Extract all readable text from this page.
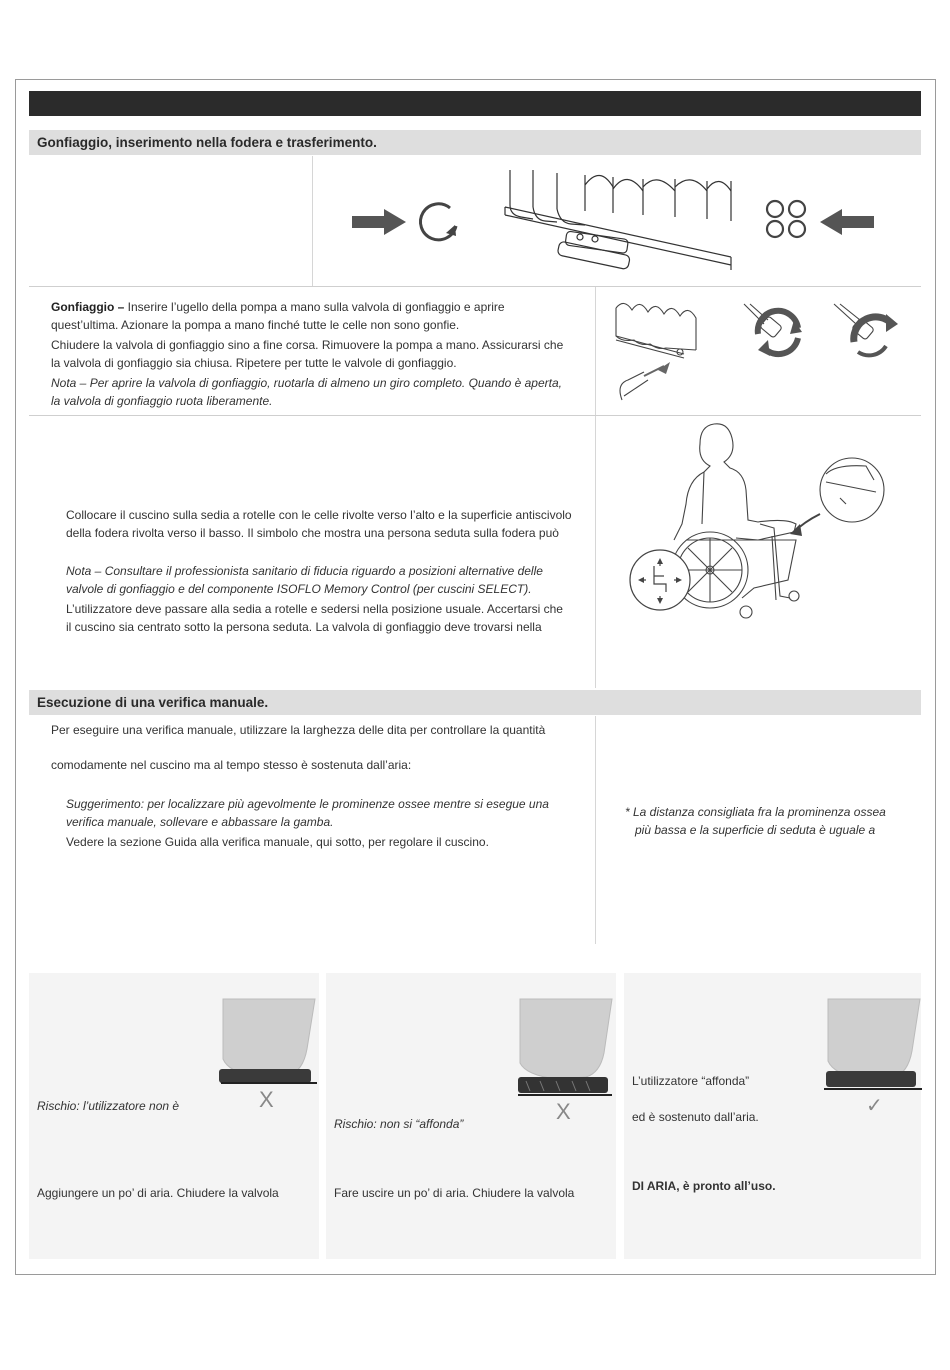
Gonfiaggio, inserimento nella fodera e trasferimento.
Gonfiaggio – Inserire l’ugello della pompa a mano sulla valvola di gonfiaggio e aprire
quest’ultima. Azionare la pompa a mano finché tutte le celle non sono gonfie.
Chiudere la valvola di gonfiaggio sino a fine corsa. Rimuovere la pompa a mano. Assicurarsi che
la valvola di gonfiaggio sia chiusa. Ripetere per tutte le valvole di gonfiaggio.
Nota – Per aprire la valvola di gonfiaggio, ruotarla di almeno un giro completo. Quando è aperta,
la valvola di gonfiaggio ruota liberamente.
Collocare il cuscino sulla sedia a rotelle con le celle rivolte verso l’alto e la superficie antiscivolo
della fodera rivolta verso il basso. Il simbolo che mostra una persona seduta sulla fodera può
Nota – Consultare il professionista sanitario di fiducia riguardo a posizioni alternative delle
valvole di gonfiaggio e del componente ISOFLO Memory Control (per cuscini SELECT).
L’utilizzatore deve passare alla sedia a rotelle e sedersi nella posizione usuale. Accertarsi che
il cuscino sia centrato sotto la persona seduta. La valvola di gonfiaggio deve trovarsi nella
Esecuzione di una verifica manuale.
Per eseguire una verifica manuale, utilizzare la larghezza delle dita per controllare la quantità
comodamente nel cuscino ma al tempo stesso è sostenuta dall’aria:
Suggerimento: per localizzare più agevolmente le prominenze ossee mentre si esegue una
verifica manuale, sollevare e abbassare la gamba.
Vedere la sezione Guida alla verifica manuale, qui sotto, per regolare il cuscino.
* La distanza consigliata fra la prominenza ossea
più bassa e la superficie di seduta è uguale a
X
Rischio: l’utilizzatore non è
Aggiungere un po’ di aria. Chiudere la valvola
X
Rischio: non si “affonda”
Fare uscire un po’ di aria. Chiudere la valvola
✓
L’utilizzatore “affonda”
ed è sostenuto dall’aria.
DI ARIA, è pronto all’uso.
